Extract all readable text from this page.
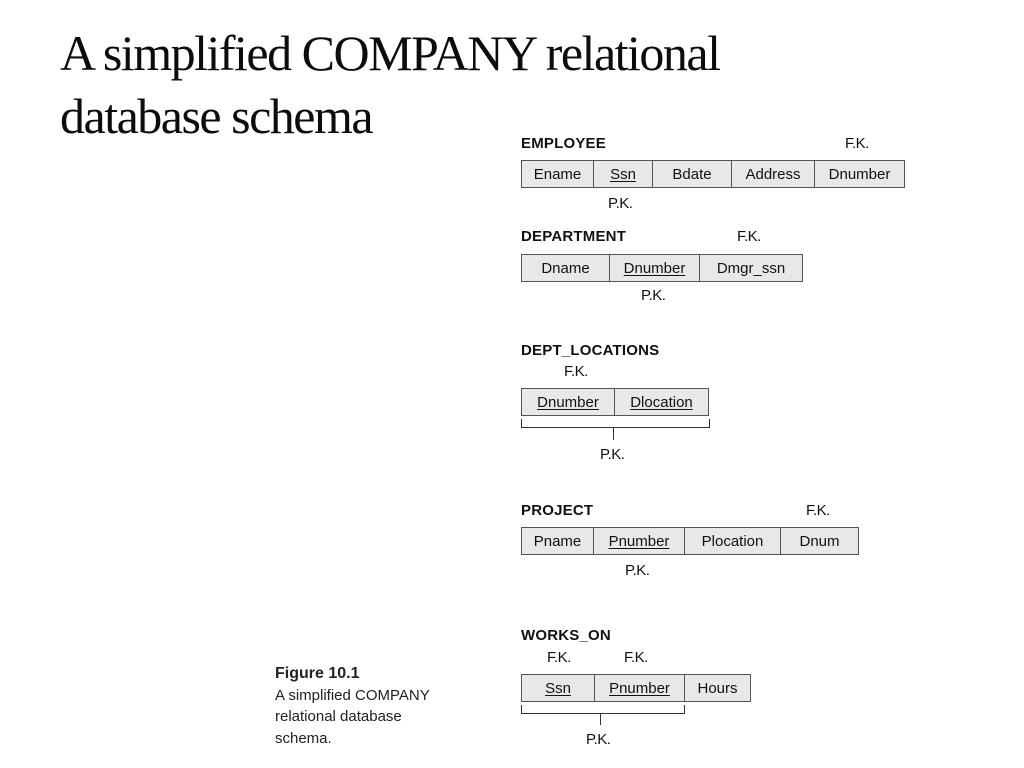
A simplified COMPANY relational
database schema
Figure 10.1
A simplified COMPANY relational database schema.
EMPLOYEE	F.K.
Ename	Ssn	Bdate	Address	Dnumber
P.K.
DEPARTMENT	F.K.
Dname	Dnumber	Dmgr_ssn
P.K.
DEPT_LOCATIONS
F.K.
Dnumber	Dlocation
P.K.
PROJECT	F.K.
Pname	Pnumber	Plocation	Dnum
P.K.
WORKS_ON
F.K.	F.K.
Ssn	Pnumber	Hours
P.K.
